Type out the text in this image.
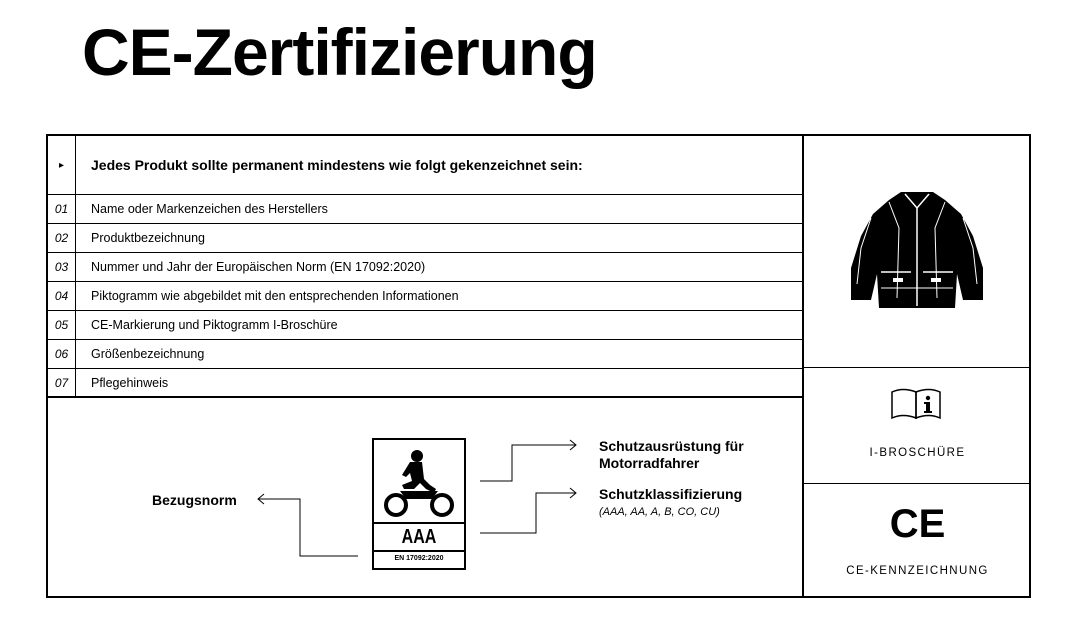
CE-Zertifizierung
▸	Jedes Produkt sollte permanent mindestens wie folgt gekenzeichnet sein:
01	Name oder Markenzeichen des Herstellers
02	Produktbezeichnung
03	Nummer und Jahr der Europäischen Norm (EN 17092:2020)
04	Piktogramm wie abgebildet mit den entsprechenden Informationen
05	CE-Markierung und Piktogramm I-Broschüre
06	Größenbezeichnung
07	Pflegehinweis
I-BROSCHÜRE
CE
CE-KENNZEICHNUNG
AAA
EN 17092:2020
Bezugsnorm
Schutzausrüstung für Motorradfahrer
Schutzklassifizierung
(AAA, AA, A, B, CO, CU)
